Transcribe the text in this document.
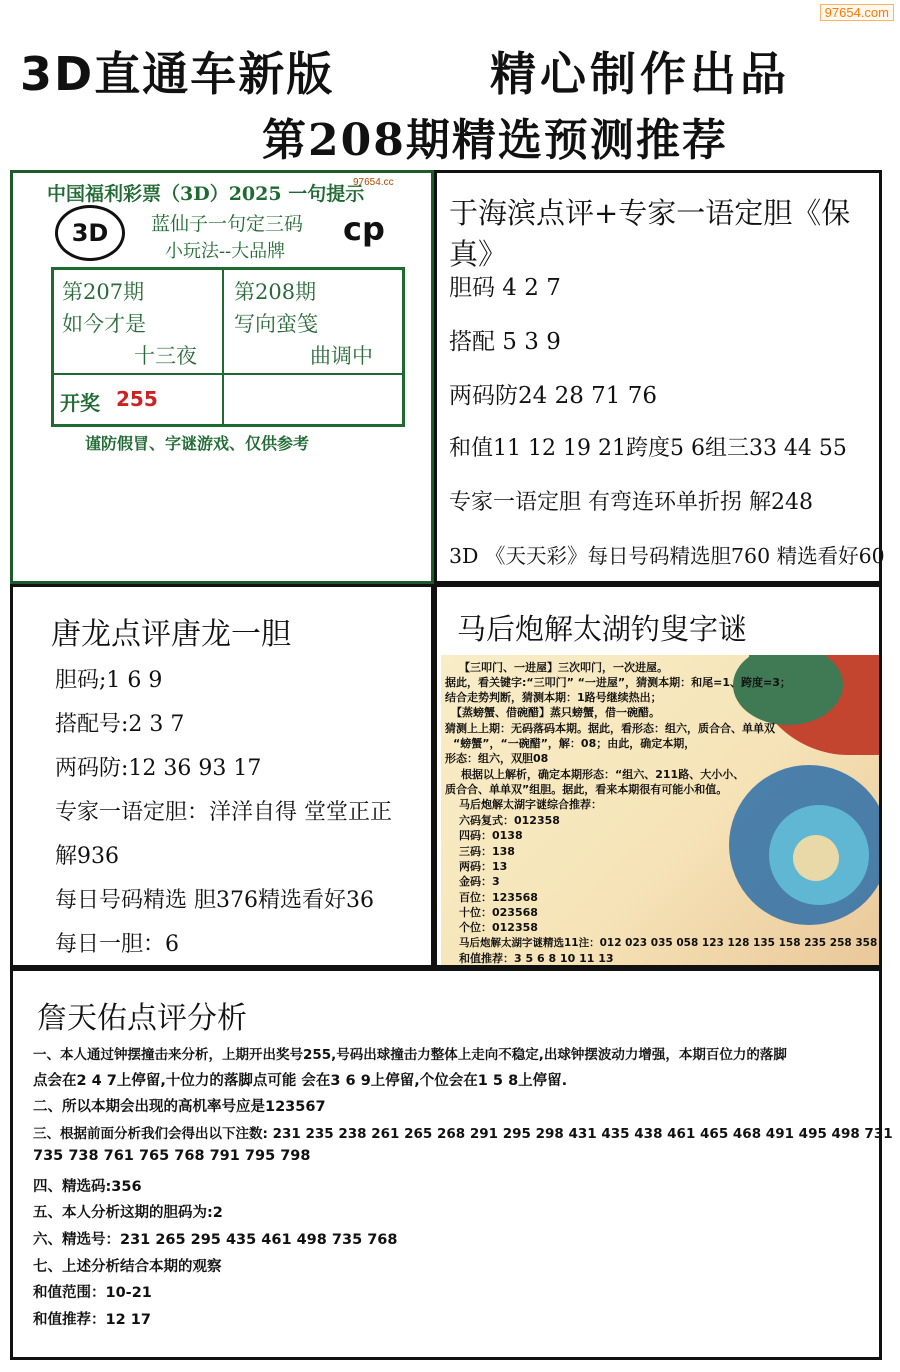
97654.com
3D直通车新版	精心制作出品
第208期精选预测推荐
中国福利彩票（3D）2025 一句提示
97654.cc
3D	cp
蓝仙子一句定三码
小玩法--大品牌
第207期
如今才是
十三夜
第208期
写向蛮笺
曲调中
开奖 255
谨防假冒、字谜游戏、仅供参考
于海滨点评+专家一语定胆《保真》
胆码 4 2 7
搭配 5 3 9
两码防24 28 71 76
和值11 12 19 21跨度5 6组三33 44 55
专家一语定胆 有弯连环单折拐 解248
3D 《天天彩》每日号码精选胆760 精选看好60
唐龙点评唐龙一胆
胆码;1 6 9
搭配号:2 3 7
两码防:12 36 93 17
专家一语定胆：洋洋自得 堂堂正正
解936
每日号码精选 胆376精选看好36
每日一胆：6
马后炮解太湖钓叟字谜
【三叩门、一进屋】三次叩门，一次进屋。
据此，看关键字:“三叩门” “一进屋”，猜测本期：和尾=1、跨度=3；
结合走势判断，猜测本期：1路号继续热出；
【蒸螃蟹、借碗醋】蒸只螃蟹，借一碗醋。
猜测上上期：无码落码本期。据此，看形态：组六，质合合、单单双
“螃蟹”，“一碗醋”，解：08；由此，确定本期，
形态：组六，双胆08
根据以上解析，确定本期形态：“组六、211路、大小小、
质合合、单单双”组胆。据此，看来本期很有可能小和值。
马后炮解太湖字谜综合推荐：
六码复式：012358
四码：0138
三码：138
两码：13
金码：3
百位：123568
十位：023568
个位：012358
马后炮解太湖字谜精选11注：012 023 035 058 123 128 135 158 235 258 358
和值推荐：3 5 6 8 10 11 13
詹天佑点评分析
一、本人通过钟摆撞击来分析，上期开出奖号255,号码出球撞击力整体上走向不稳定,出球钟摆波动力增强，本期百位力的落脚
点会在2 4 7上停留,十位力的落脚点可能 会在3 6 9上停留,个位会在1 5 8上停留.
二、所以本期会出现的高机率号应是123567
三、根据前面分析我们会得出以下注数: 231 235 238 261 265 268 291 295 298 431 435 438 461 465 468 491 495 498 731
735 738 761 765 768 791 795 798
四、精选码:356
五、本人分析这期的胆码为:2
六、精选号：231 265 295 435 461 498 735 768
七、上述分析结合本期的观察
和值范围：10-21
和值推荐：12 17
